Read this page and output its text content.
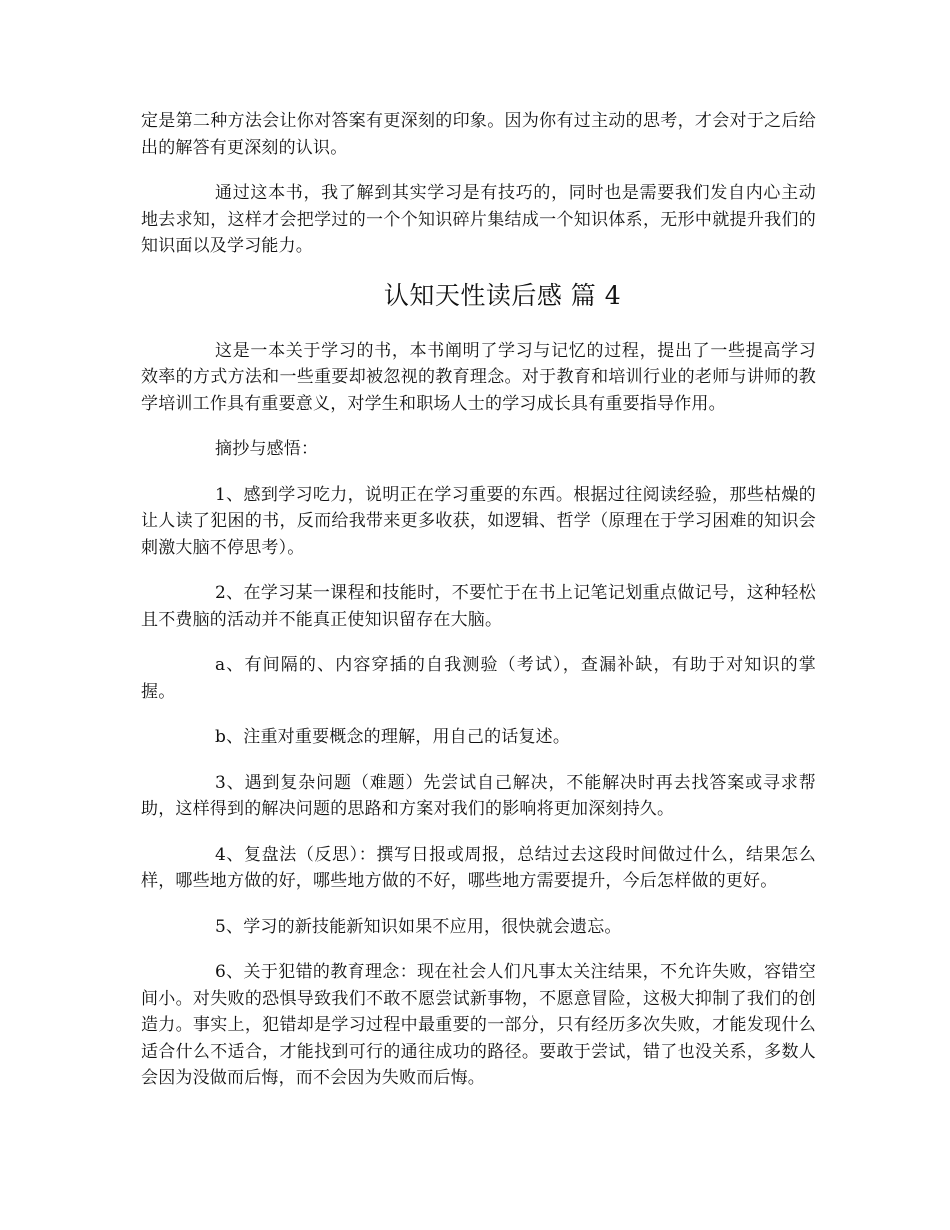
定是第二种方法会让你对答案有更深刻的印象。因为你有过主动的思考，才会对于之后给出的解答有更深刻的认识。

通过这本书，我了解到其实学习是有技巧的，同时也是需要我们发自内心主动地去求知，这样才会把学过的一个个知识碎片集结成一个知识体系，无形中就提升我们的知识面以及学习能力。

认知天性读后感 篇 4

这是一本关于学习的书，本书阐明了学习与记忆的过程，提出了一些提高学习效率的方式方法和一些重要却被忽视的教育理念。对于教育和培训行业的老师与讲师的教学培训工作具有重要意义，对学生和职场人士的学习成长具有重要指导作用。

摘抄与感悟：

1、感到学习吃力，说明正在学习重要的东西。根据过往阅读经验，那些枯燥的让人读了犯困的书，反而给我带来更多收获，如逻辑、哲学（原理在于学习困难的知识会刺激大脑不停思考）。

2、在学习某一课程和技能时，不要忙于在书上记笔记划重点做记号，这种轻松且不费脑的活动并不能真正使知识留存在大脑。

a、有间隔的、内容穿插的自我测验（考试），查漏补缺，有助于对知识的掌握。

b、注重对重要概念的理解，用自己的话复述。

3、遇到复杂问题（难题）先尝试自己解决，不能解决时再去找答案或寻求帮助，这样得到的解决问题的思路和方案对我们的影响将更加深刻持久。

4、复盘法（反思）：撰写日报或周报，总结过去这段时间做过什么，结果怎么样，哪些地方做的好，哪些地方做的不好，哪些地方需要提升，今后怎样做的更好。

5、学习的新技能新知识如果不应用，很快就会遗忘。

6、关于犯错的教育理念：现在社会人们凡事太关注结果，不允许失败，容错空间小。对失败的恐惧导致我们不敢不愿尝试新事物，不愿意冒险，这极大抑制了我们的创造力。事实上，犯错却是学习过程中最重要的一部分，只有经历多次失败，才能发现什么适合什么不适合，才能找到可行的通往成功的路径。要敢于尝试，错了也没关系，多数人会因为没做而后悔，而不会因为失败而后悔。
